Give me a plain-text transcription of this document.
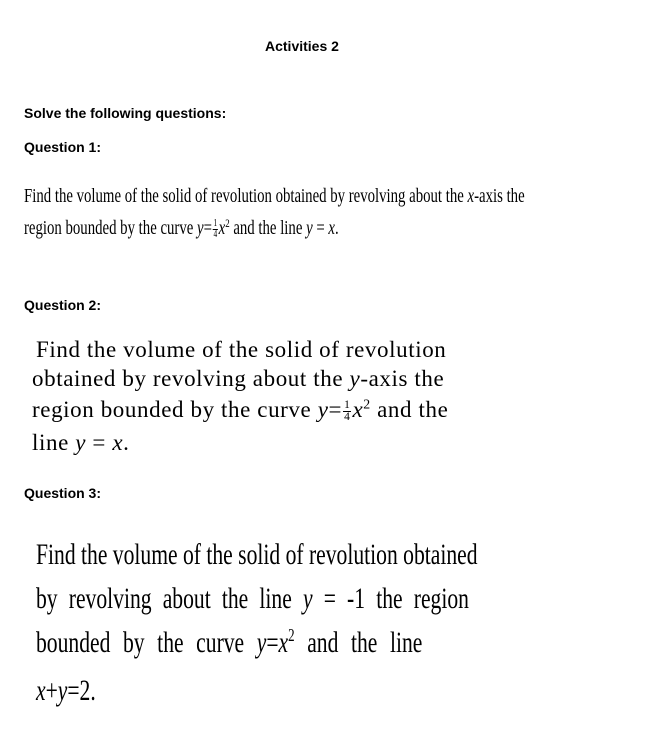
Activities 2
Solve the following questions:
Question 1:
Find the volume of the solid of revolution obtained by revolving about the x-axis the
region bounded by the curve $y= \frac{1}{4} x^2$ and the line y = x.
Question 2:
Find the volume of the solid of revolution
obtained by revolving about the y-axis the
region bounded by the curve $y= \frac{1}{4} x^2$ and the
line y = x.
Question 3:
Find the volume of the solid of revolution obtained
by revolving about the line y = -1 the region
bounded by the curve $y=x^2$ and the line
x+y=2.
